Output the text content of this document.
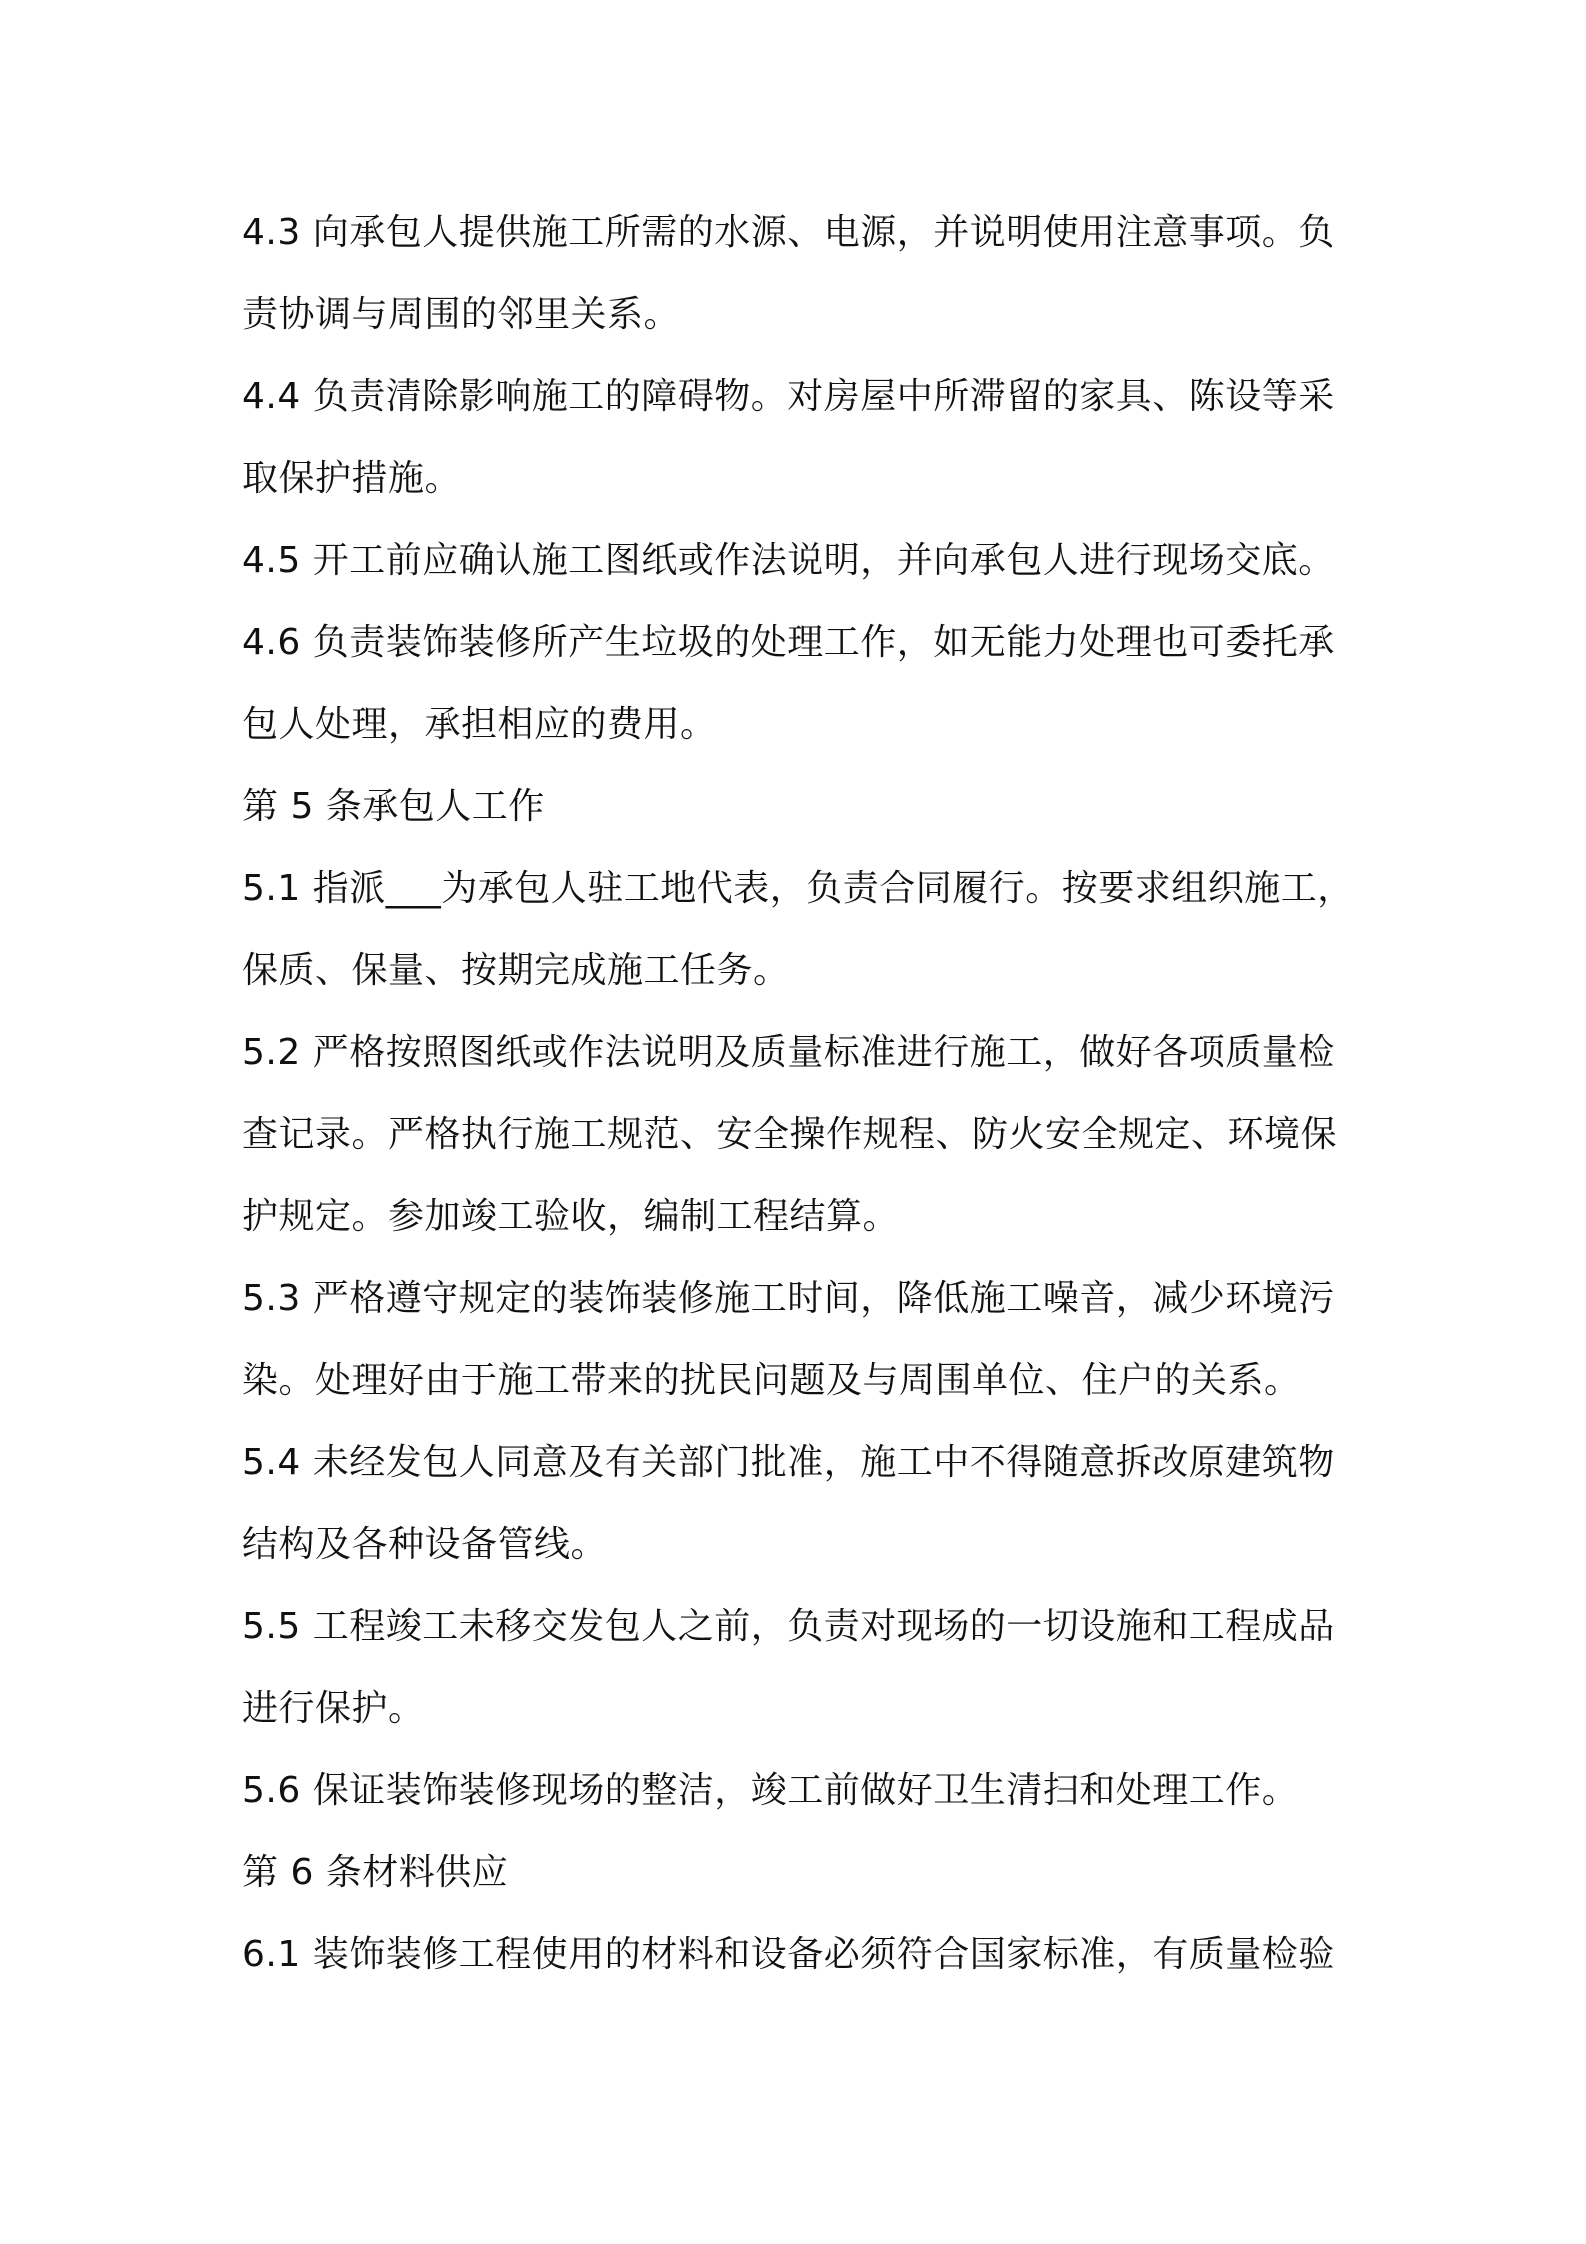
4.3 向承包人提供施工所需的水源、电源，并说明使用注意事项。负
责协调与周围的邻里关系。
4.4 负责清除影响施工的障碍物。对房屋中所滞留的家具、陈设等采
取保护措施。
4.5 开工前应确认施工图纸或作法说明，并向承包人进行现场交底。
4.6 负责装饰装修所产生垃圾的处理工作，如无能力处理也可委托承
包人处理，承担相应的费用。
第 5 条承包人工作
5.1 指派___为承包人驻工地代表，负责合同履行。按要求组织施工，
保质、保量、按期完成施工任务。
5.2 严格按照图纸或作法说明及质量标准进行施工，做好各项质量检
查记录。严格执行施工规范、安全操作规程、防火安全规定、环境保
护规定。参加竣工验收，编制工程结算。
5.3 严格遵守规定的装饰装修施工时间，降低施工噪音，减少环境污
染。处理好由于施工带来的扰民问题及与周围单位、住户的关系。
5.4 未经发包人同意及有关部门批准，施工中不得随意拆改原建筑物
结构及各种设备管线。
5.5 工程竣工未移交发包人之前，负责对现场的一切设施和工程成品
进行保护。
5.6 保证装饰装修现场的整洁，竣工前做好卫生清扫和处理工作。
第 6 条材料供应
6.1 装饰装修工程使用的材料和设备必须符合国家标准，有质量检验
